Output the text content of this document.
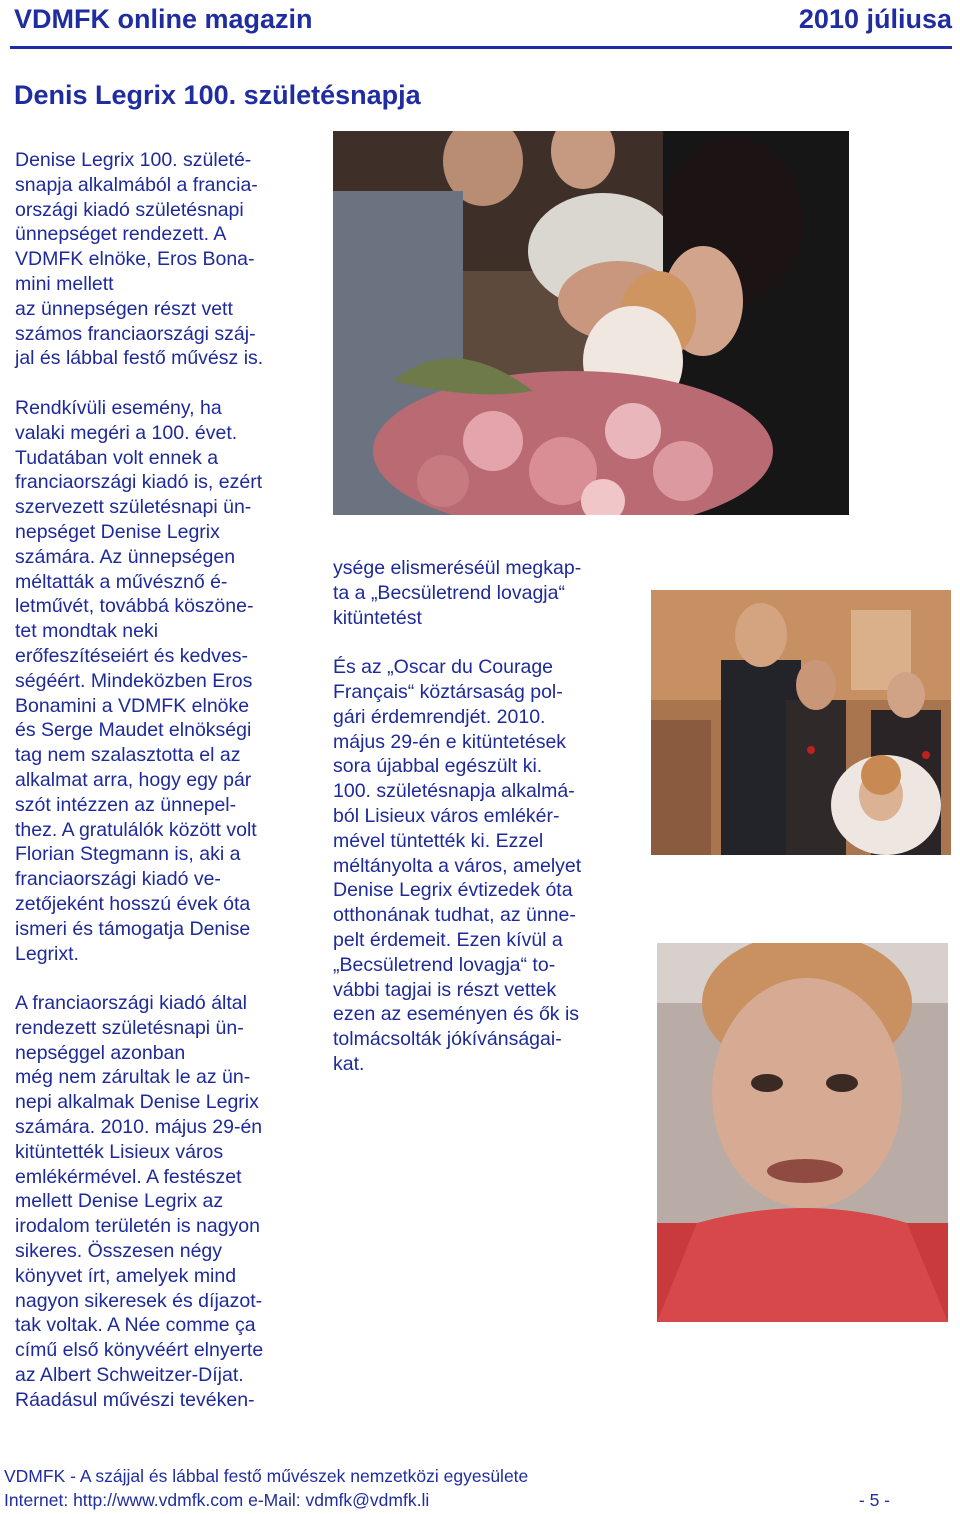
VDMFK online magazin	2010 júliusa
Denis Legrix 100. születésnapja

Denise Legrix 100. születé-

snapja alkalmából a francia-

országi kiadó születésnapi

ünnepséget rendezett. A

VDMFK elnöke, Eros Bona-

mini mellett

az ünnepségen részt vett

számos franciaországi száj-

jal és lábbal festő művész is.

Rendkívüli esemény, ha

valaki megéri a 100. évet.

Tudatában volt ennek a

franciaországi kiadó is, ezért

szervezett születésnapi ün-

nepséget Denise Legrix

számára. Az ünnepségen

méltatták a művésznő é-

letművét, továbbá köszöne-

tet mondtak neki

erőfeszítéseiért és kedves-

ségéért. Mindeközben Eros

Bonamini a VDMFK elnöke

és Serge Maudet elnökségi

tag nem szalasztotta el az

alkalmat arra, hogy egy pár

szót intézzen az ünnepel-

thez. A gratulálók között volt

Florian Stegmann is, aki a

franciaországi kiadó ve-

zetőjeként hosszú évek óta

ismeri és támogatja Denise

Legrixt.

A franciaországi kiadó által

rendezett születésnapi ün-

nepséggel azonban

még nem zárultak le az ün-

nepi alkalmak Denise Legrix

számára. 2010. május 29-én

kitüntették Lisieux város

emlékérmével. A festészet

mellett Denise Legrix az

irodalom területén is nagyon

sikeres. Összesen négy

könyvet írt, amelyek mind

nagyon sikeresek és díjazot-

tak voltak. A Née comme ça

című első könyvéért elnyerte

az Albert Schweitzer-Díjat.

Ráadásul művészi tevéken-

ysége elismeréséül megkap-

ta a „Becsületrend lovagja“

kitüntetést

És az „Oscar du Courage

Français“ köztársaság pol-

gári érdemrendjét. 2010.

május 29-én e kitüntetések

sora újabbal egészült ki.

100. születésnapja alkalmá-

ból Lisieux város emlékér-

mével tüntették ki. Ezzel

méltányolta a város, amelyet

Denise Legrix évtizedek óta

otthonának tudhat, az ünne-

pelt érdemeit. Ezen kívül a

„Becsületrend lovagja“ to-

vábbi tagjai is részt vettek

ezen az eseményen és ők is

tolmácsolták jókívánságai-

kat.

VDMFK - A szájjal és lábbal festő művészek nemzetközi egyesülete
Internet: http://www.vdmfk.com e-Mail: vdmfk@vdmfk.li	- 5 -
